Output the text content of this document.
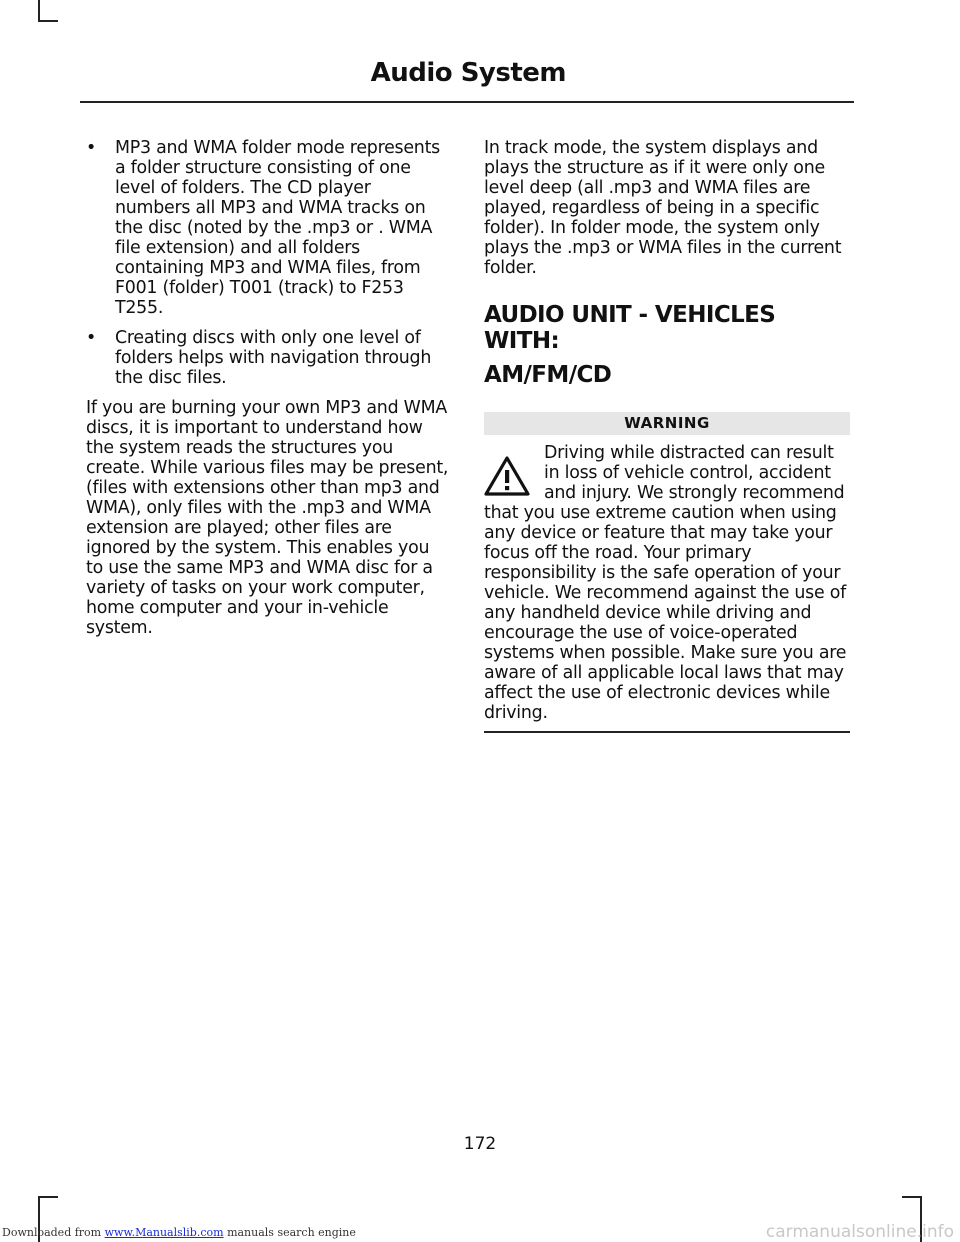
Audio System
• MP3 and WMA folder mode represents a folder structure consisting of one level of folders. The CD player numbers all MP3 and WMA tracks on the disc (noted by the .mp3 or . WMA file extension) and all folders containing MP3 and WMA files, from F001 (folder) T001 (track) to F253 T255.
• Creating discs with only one level of folders helps with navigation through the disc files.

If you are burning your own MP3 and WMA discs, it is important to understand how the system reads the structures you create. While various files may be present, (files with extensions other than mp3 and WMA), only files with the .mp3 and WMA extension are played; other files are ignored by the system. This enables you to use the same MP3 and WMA disc for a variety of tasks on your work computer, home computer and your in-vehicle system.

In track mode, the system displays and plays the structure as if it were only one level deep (all .mp3 and WMA files are played, regardless of being in a specific folder). In folder mode, the system only plays the .mp3 or WMA files in the current folder.

AUDIO UNIT - VEHICLES WITH:
AM/FM/CD
WARNING
Driving while distracted can result in loss of vehicle control, accident and injury. We strongly recommend that you use extreme caution when using any device or feature that may take your focus off the road. Your primary responsibility is the safe operation of your vehicle. We recommend against the use of any handheld device while driving and encourage the use of voice-operated systems when possible. Make sure you are aware of all applicable local laws that may affect the use of electronic devices while driving.
172
Downloaded from www.Manualslib.com manuals search engine	carmanualsonline.info
